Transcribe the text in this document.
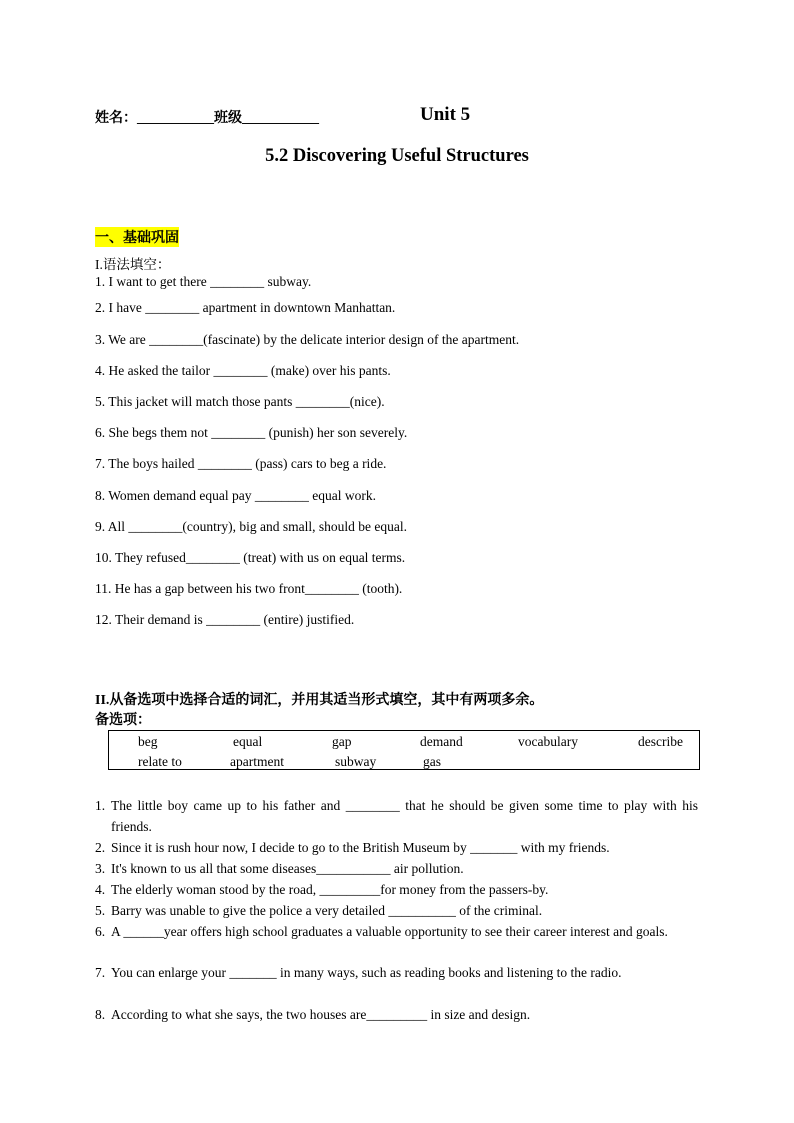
姓名：___________班级___________	Unit 5
5.2 Discovering Useful Structures
一、基础巩固
I.语法填空：
1. I want to get there ________ subway.
2. I have ________ apartment in downtown Manhattan.
3. We are ________(fascinate) by the delicate interior design of the apartment.
4. He asked the tailor ________ (make) over his pants.
5. This jacket will match those pants ________(nice).
6. She begs them not ________ (punish) her son severely.
7. The boys hailed ________ (pass) cars to beg a ride.
8. Women demand equal pay ________ equal work.
9. All ________(country), big and small, should be equal.
10. They refused________ (treat) with us on equal terms.
11. He has a gap between his two front________ (tooth).
12. Their demand is ________ (entire) justified.
II.从备选项中选择合适的词汇，并用其适当形式填空，其中有两项多余。
备选项：
beg	equal	gap	demand	vocabulary	describe
relate to	apartment	subway	gas
1. The little boy came up to his father and ________ that he should be given some time to play with his friends.
2. Since it is rush hour now, I decide to go to the British Museum by _______ with my friends.
3. It's known to us all that some diseases___________ air pollution.
4. The elderly woman stood by the road, _________for money from the passers-by.
5. Barry was unable to give the police a very detailed __________ of the criminal.
6. A ______year offers high school graduates a valuable opportunity to see their career interest and goals.
7. You can enlarge your _______ in many ways, such as reading books and listening to the radio.
8. According to what she says, the two houses are_________ in size and design.
